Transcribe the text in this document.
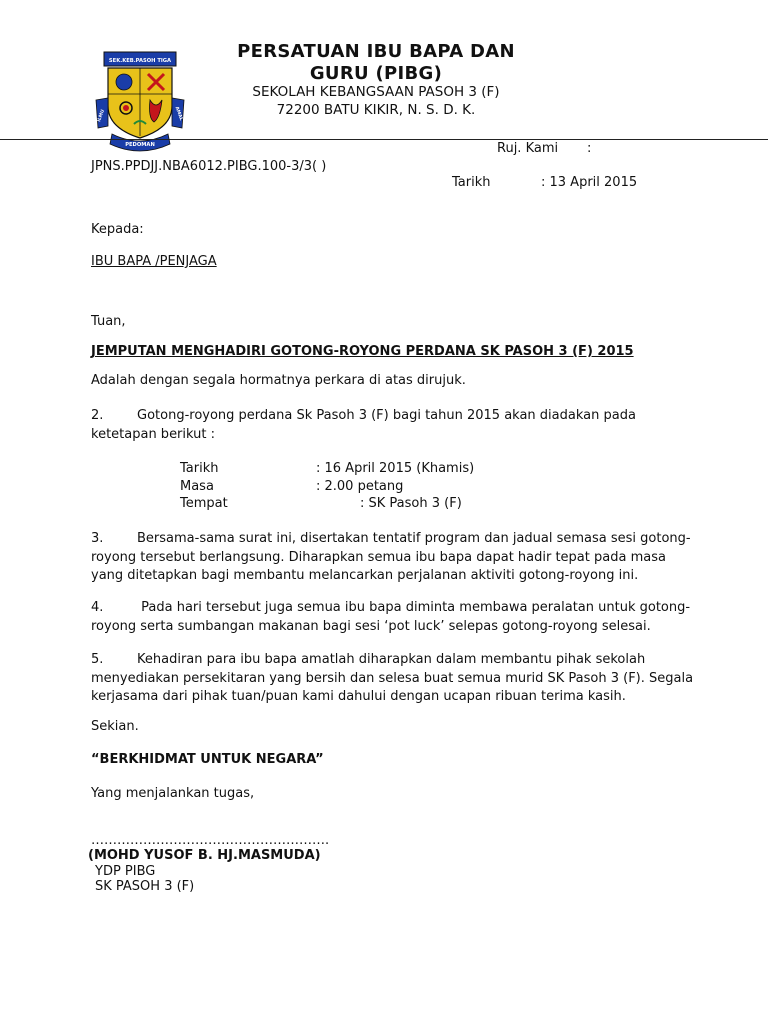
SEK.KEB.PASOH TIGA
ILMU	AMAL
PEDOMAN
PERSATUAN IBU BAPA DAN
GURU (PIBG)
SEKOLAH KEBANGSAAN PASOH 3 (F)
72200 BATU KIKIR, N. S. D. K.
Ruj. Kami :
JPNS.PPDJJ.NBA6012.PIBG.100-3/3( )
Tarikh	: 13 April 2015
Kepada:
IBU BAPA /PENJAGA
Tuan,
JEMPUTAN MENGHADIRI GOTONG-ROYONG PERDANA SK PASOH 3 (F) 2015
Adalah dengan segala hormatnya perkara di atas dirujuk.
2.	Gotong-royong perdana Sk Pasoh 3 (F) bagi tahun 2015 akan diadakan pada
ketetapan berikut :
Tarikh	: 16 April 2015 (Khamis)
Masa	: 2.00 petang
Tempat	: SK Pasoh 3 (F)
3.	Bersama-sama surat ini, disertakan tentatif program dan jadual semasa sesi gotong-
royong tersebut berlangsung. Diharapkan semua ibu bapa dapat hadir tepat pada masa
yang ditetapkan bagi membantu melancarkan perjalanan aktiviti gotong-royong ini.
4.	Pada hari tersebut juga semua ibu bapa diminta membawa peralatan untuk gotong-
royong serta sumbangan makanan bagi sesi ‘pot luck’ selepas gotong-royong selesai.
5.	Kehadiran para ibu bapa amatlah diharapkan dalam membantu pihak sekolah
menyediakan persekitaran yang bersih dan selesa buat semua murid SK Pasoh 3 (F). Segala
kerjasama dari pihak tuan/puan kami dahului dengan ucapan ribuan terima kasih.
Sekian.
“BERKHIDMAT UNTUK NEGARA”
Yang menjalankan tugas,
……………………………………………….
(MOHD YUSOF B. HJ.MASMUDA)
YDP PIBG
SK PASOH 3 (F)
